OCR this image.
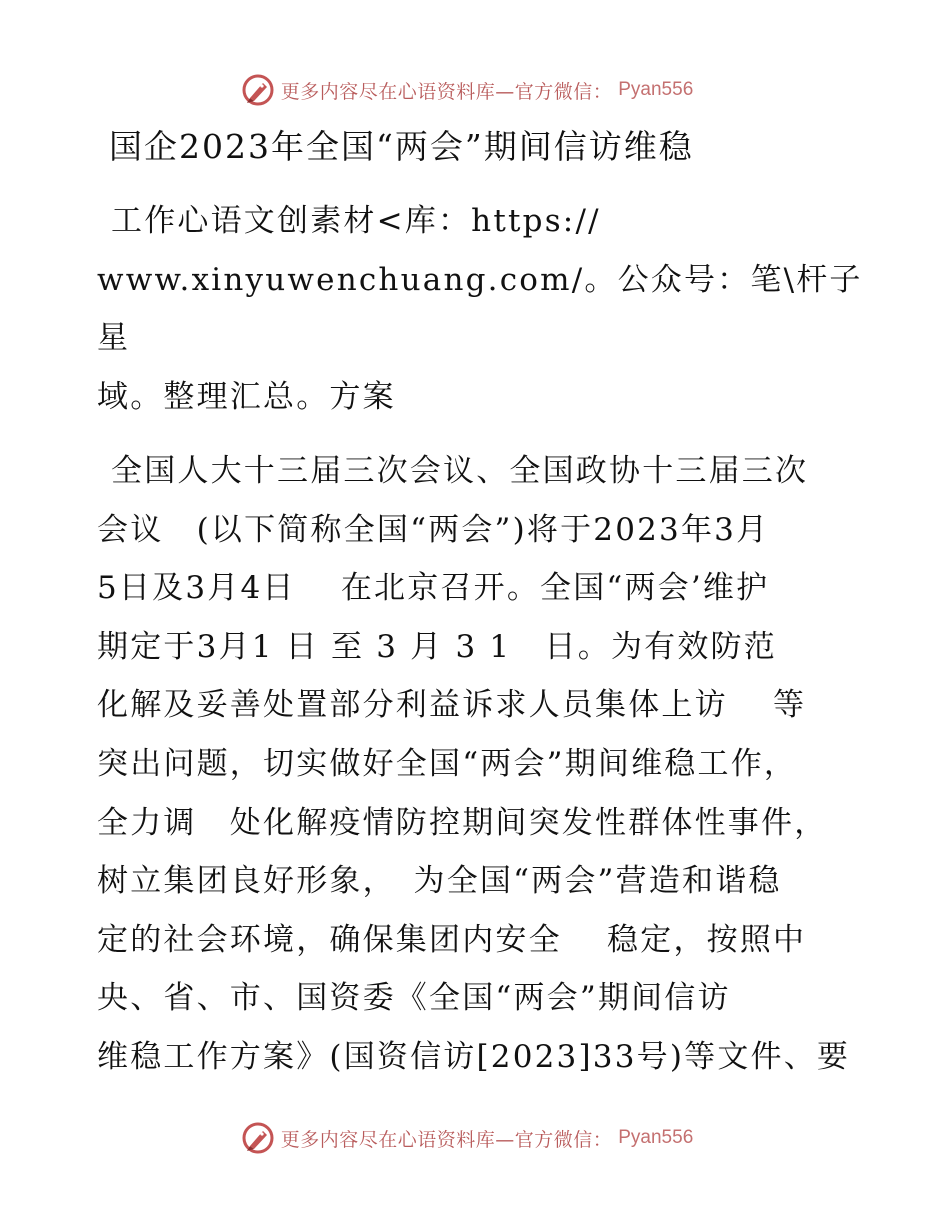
更多内容尽在心语资料库—官方微信： Pyan556
国企2023年全国“两会”期间信访维稳
工作心语文创素材<库：https://
www.xinyuwenchuang.com/。公众号：笔\杆子星
域。整理汇总。方案
全国人大十三届三次会议、全国政协十三届三次
会议　(以下简称全国“两会”)将于2023年3月
5日及3月4日　 在北京召开。全国“两会’维护
期定于3月1 日 至 3 月 3 1　日。为有效防范
化解及妥善处置部分利益诉求人员集体上访　 等
突出问题，切实做好全国“两会”期间维稳工作，
全力调　处化解疫情防控期间突发性群体性事件，
树立集团良好形象，　为全国“两会”营造和谐稳
定的社会环境，确保集团内安全　 稳定，按照中
央、省、市、国资委《全国“两会”期间信访
维稳工作方案》(国资信访[2023]33号)等文件、要
更多内容尽在心语资料库—官方微信： Pyan556
